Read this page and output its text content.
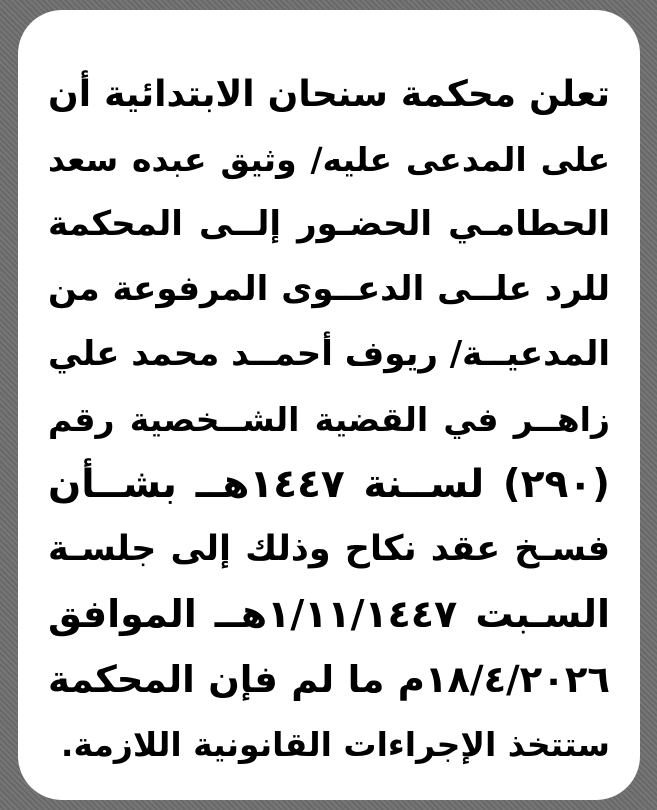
تعلن محكمة سنحان الابتدائية أن
على المدعى عليه/ وثيق عبده سعد
الحطامـي الحضـور إلــى المحكمة
للرد علــى الدعــوى المرفوعة من
المدعيــة/ ريوف أحمــد محمد علي
زاهــر في القضية الشــخصية رقم
(٢٩٠) لســنة ١٤٤٧هــ بشــأن
فسـخ عقد نكاح وذلك إلى جلسـة
السـبت ١/١١/١٤٤٧هــ الموافق
١٨/٤/٢٠٢٦م ما لم فإن المحكمة
ستتخذ الإجراءات القانونية اللازمة.
